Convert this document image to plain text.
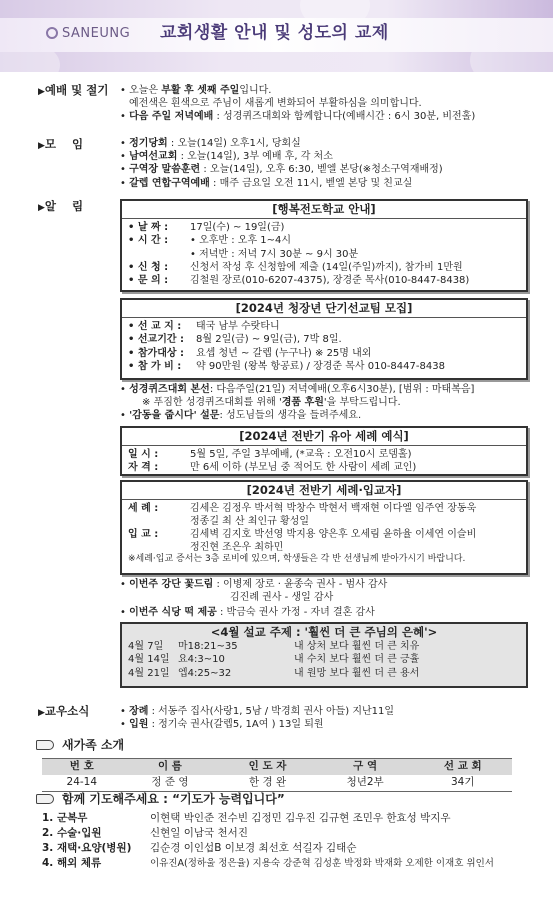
SANEUNG 교회생활 안내 및 성도의 교제
▶예배 및 절기 • 오늘은 부활 후 셋째 주일입니다.
예전색은 흰색으로 주님이 새롭게 변화되어 부활하심을 의미합니다.
• 다음 주일 저녁예배 : 성경퀴즈대회와 함께합니다(예배시간 : 6시 30분, 비전홀)
▶모    임	• 정기당회 : 오늘(14일) 오후1시, 당회실
• 남여선교회 : 오늘(14일), 3부 예배 후, 각 처소
• 구역장 말씀훈련 : 오늘(14일), 오후 6:30, 벧엘 본당(※청소구역재배정)
• 갈렙 연합구역예배 : 매주 금요일 오전 11시, 벧엘 본당 및 친교실
▶알    림	[행복전도학교 안내]
• 날 짜 :	17일(수) ~ 19일(금)
• 시 간 :	• 오후반 : 오후 1~4시
• 저녁반 : 저녁 7시 30분 ~ 9시 30분
• 신 청 :	신청서 작성 후 신청함에 제출 (14일(주일)까지), 참가비 1만원
• 문 의 :	김철원 장로(010-6207-4375), 장경준 목사(010-8447-8438)
[2024년 청장년 단기선교팀 모집]
• 선 교 지 :	태국 남부 수랏타니
• 선교기간 :	8월 2일(금) ~ 9일(금), 7박 8일.
• 참가대상 :	요셉 청년 ~ 갈렙 (누구나) ※ 25명 내외
• 참 가 비 :	약 90만원 (왕복 항공료) / 장경준 목사 010-8447-8438
• 성경퀴즈대회 본선: 다음주일(21일) 저녁예배(오후6시30분), [범위 : 마태복음]
※ 푸짐한 성경퀴즈대회를 위해 '경품 후원'을 부탁드립니다.
• '감동을 줍시다' 설문: 성도님들의 생각을 들려주세요.
[2024년 전반기 유아 세례 예식]
일 시 :	5월 5일, 주일 3부예배, (*교육 : 오전10시 로뎀홀)
자 격 :	만 6세 이하 (부모님 중 적어도 한 사람이 세례 교인)
[2024년 전반기 세례·입교자]
세 례 :	김세은 김정우 박서혁 박창수 박현서 백재현 이다엘 임주연 장동욱
정종길 최 산 최인규 황성일
입 교 :	김세벽 김지호 박선영 박지용 양은후 오세림 윤하율 이세연 이슬비
정진현 조은우 최하민
※세례·입교 증서는 3층 로비에 있으며, 학생들은 각 반 선생님께 받아가시기 바랍니다.
• 이번주 강단 꽃드림 : 이병제 장로 · 윤종숙 권사 - 범사 감사
김진례 권사 - 생일 감사
• 이번주 식당 떡 제공 : 박금숙 권사 가정 - 자녀 결혼 감사
<4월 설교 주제 : '훨씬 더 큰 주님의 은혜'>
4월 7일	마18:21~35	내 상처 보다 훨씬 더 큰 치유
4월 14일 요4:3~10	내 수치 보다 훨씬 더 큰 긍휼
4월 21일 엡4:25~32	내 원망 보다 훨씬 더 큰 용서
▶교우소식	• 장례 : 서동주 집사(사랑1, 5남 / 박경희 권사 아들) 지난11일
• 입원 : 정기숙 권사(갈렙5, 1A여 ) 13일 퇴원
새가족 소개
번 호	이 름	인 도 자	구 역	선 교 회
24-14	정 준 영	한 경 완	청년2부	34기
함께 기도해주세요 : “기도가 능력입니다”
1. 군복무	이현택 박인준 전수빈 김정민 김우진 김규현 조민우 한효성 박지우
2. 수술·입원	신현일 이남국 천서진
3. 재택·요양(병원)	김순경 이인섭B 이보경 최선호 석길자 김태순
4. 해외 체류	이유진A(정하울 정은율) 지용숙 강준혁 김성훈 박정화 박재화 오제한 이재호 위인서
